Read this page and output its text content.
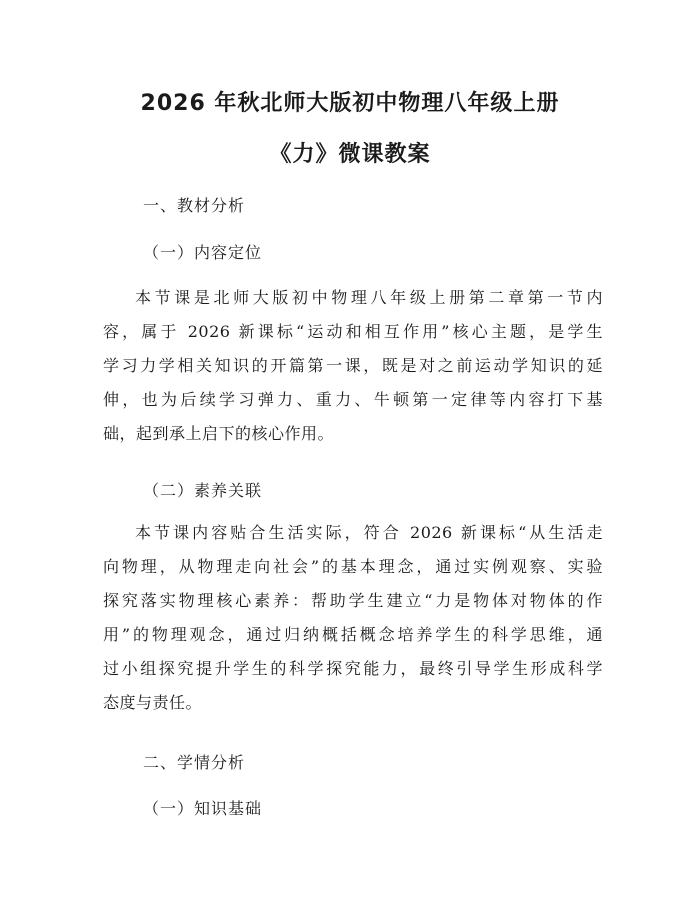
2026 年秋北师大版初中物理八年级上册
《力》微课教案
一、教材分析
（一）内容定位
本节课是北师大版初中物理八年级上册第二章第一节内
容，属于 2026 新课标“运动和相互作用”核心主题，是学生
学习力学相关知识的开篇第一课，既是对之前运动学知识的延
伸，也为后续学习弹力、重力、牛顿第一定律等内容打下基
础，起到承上启下的核心作用。
（二）素养关联
本节课内容贴合生活实际，符合 2026 新课标“从生活走
向物理，从物理走向社会”的基本理念，通过实例观察、实验
探究落实物理核心素养：帮助学生建立“力是物体对物体的作
用”的物理观念，通过归纳概括概念培养学生的科学思维，通
过小组探究提升学生的科学探究能力，最终引导学生形成科学
态度与责任。
二、学情分析
（一）知识基础
